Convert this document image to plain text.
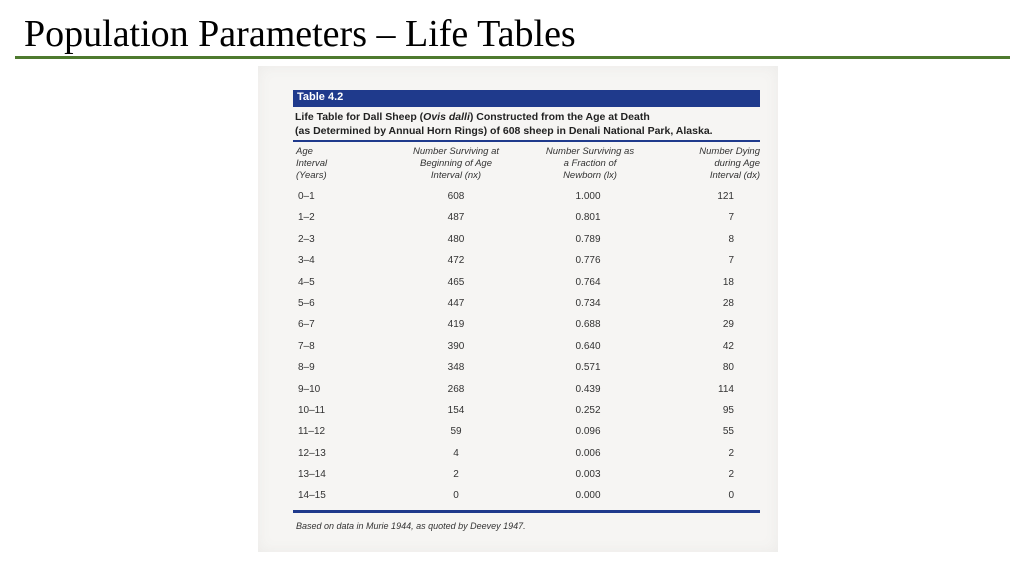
Population Parameters – Life Tables
Table 4.2
Life Table for Dall Sheep (Ovis dalli) Constructed from the Age at Death
(as Determined by Annual Horn Rings) of 608 sheep in Denali National Park, Alaska.
Age
Interval
(Years)
Number Surviving at
Beginning of Age
Interval (nx)
Number Surviving as
a Fraction of
Newborn (lx)
Number Dying
during Age
Interval (dx)
0–1	608	1.000	121
1–2	487	0.801	7
2–3	480	0.789	8
3–4	472	0.776	7
4–5	465	0.764	18
5–6	447	0.734	28
6–7	419	0.688	29
7–8	390	0.640	42
8–9	348	0.571	80
9–10	268	0.439	114
10–11	154	0.252	95
11–12	59	0.096	55
12–13	4	0.006	2
13–14	2	0.003	2
14–15	0	0.000	0
Based on data in Murie 1944, as quoted by Deevey 1947.
